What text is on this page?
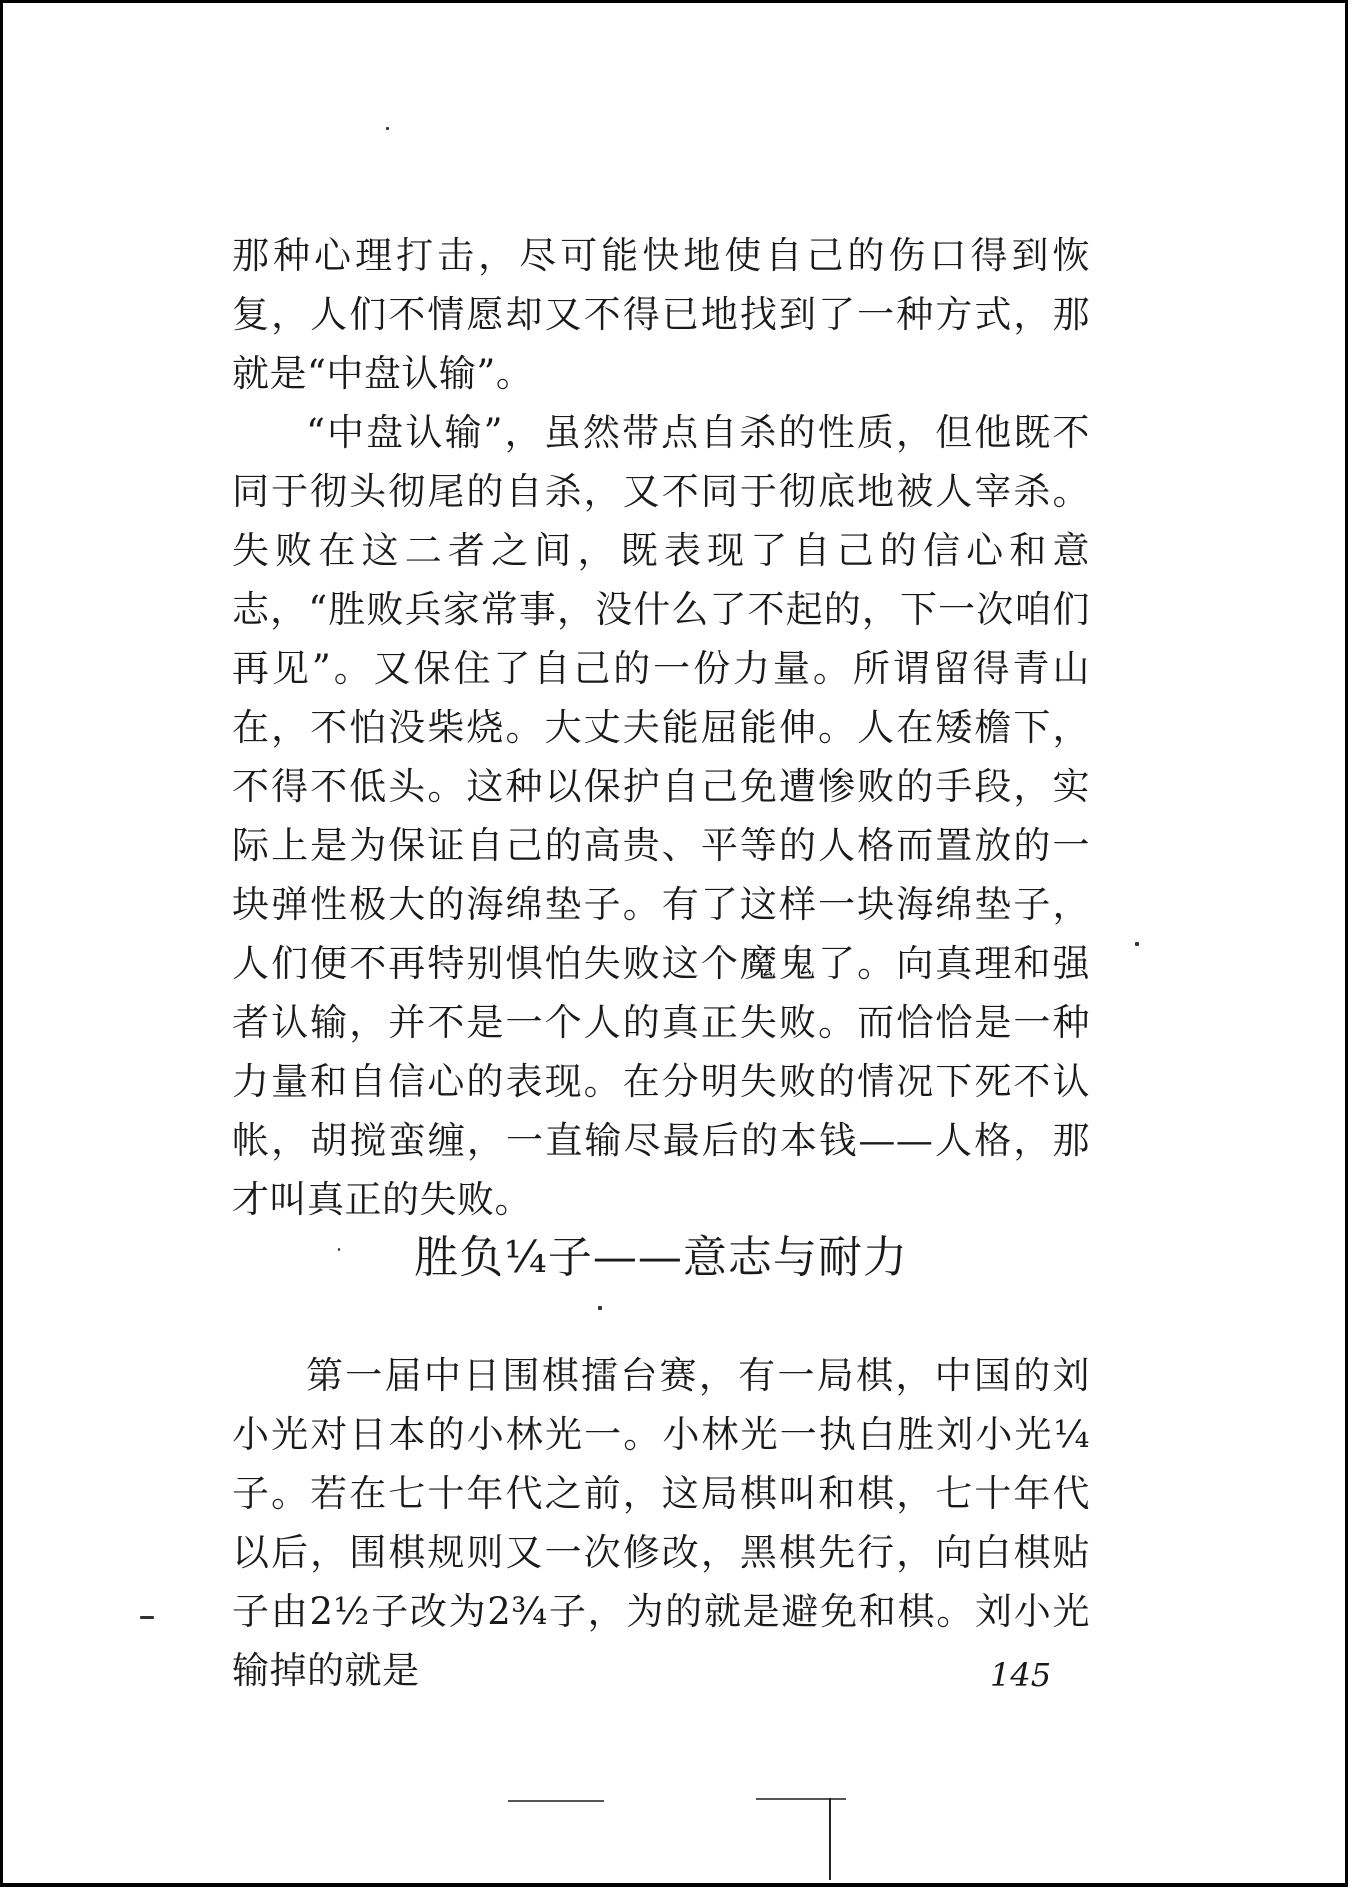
那种心理打击，尽可能快地使自己的伤口得到恢复，人们不情愿却又不得已地找到了一种方式，那就是“中盘认输”。

“中盘认输”，虽然带点自杀的性质，但他既不同于彻头彻尾的自杀，又不同于彻底地被人宰杀。失败在这二者之间，既表现了自己的信心和意志，“胜败兵家常事，没什么了不起的，下一次咱们再见”。又保住了自己的一份力量。所谓留得青山在，不怕没柴烧。大丈夫能屈能伸。人在矮檐下，不得不低头。这种以保护自己免遭惨败的手段，实际上是为保证自己的高贵、平等的人格而置放的一块弹性极大的海绵垫子。有了这样一块海绵垫子，人们便不再特别惧怕失败这个魔鬼了。向真理和强者认输，并不是一个人的真正失败。而恰恰是一种力量和自信心的表现。在分明失败的情况下死不认帐，胡搅蛮缠，一直输尽最后的本钱——人格，那才叫真正的失败。

胜负¼子——意志与耐力

第一届中日围棋擂台赛，有一局棋，中国的刘小光对日本的小林光一。小林光一执白胜刘小光¼子。若在七十年代之前，这局棋叫和棋，七十年代以后，围棋规则又一次修改，黑棋先行，向白棋贴子由2½子改为2¾子，为的就是避免和棋。刘小光输掉的就是	145
